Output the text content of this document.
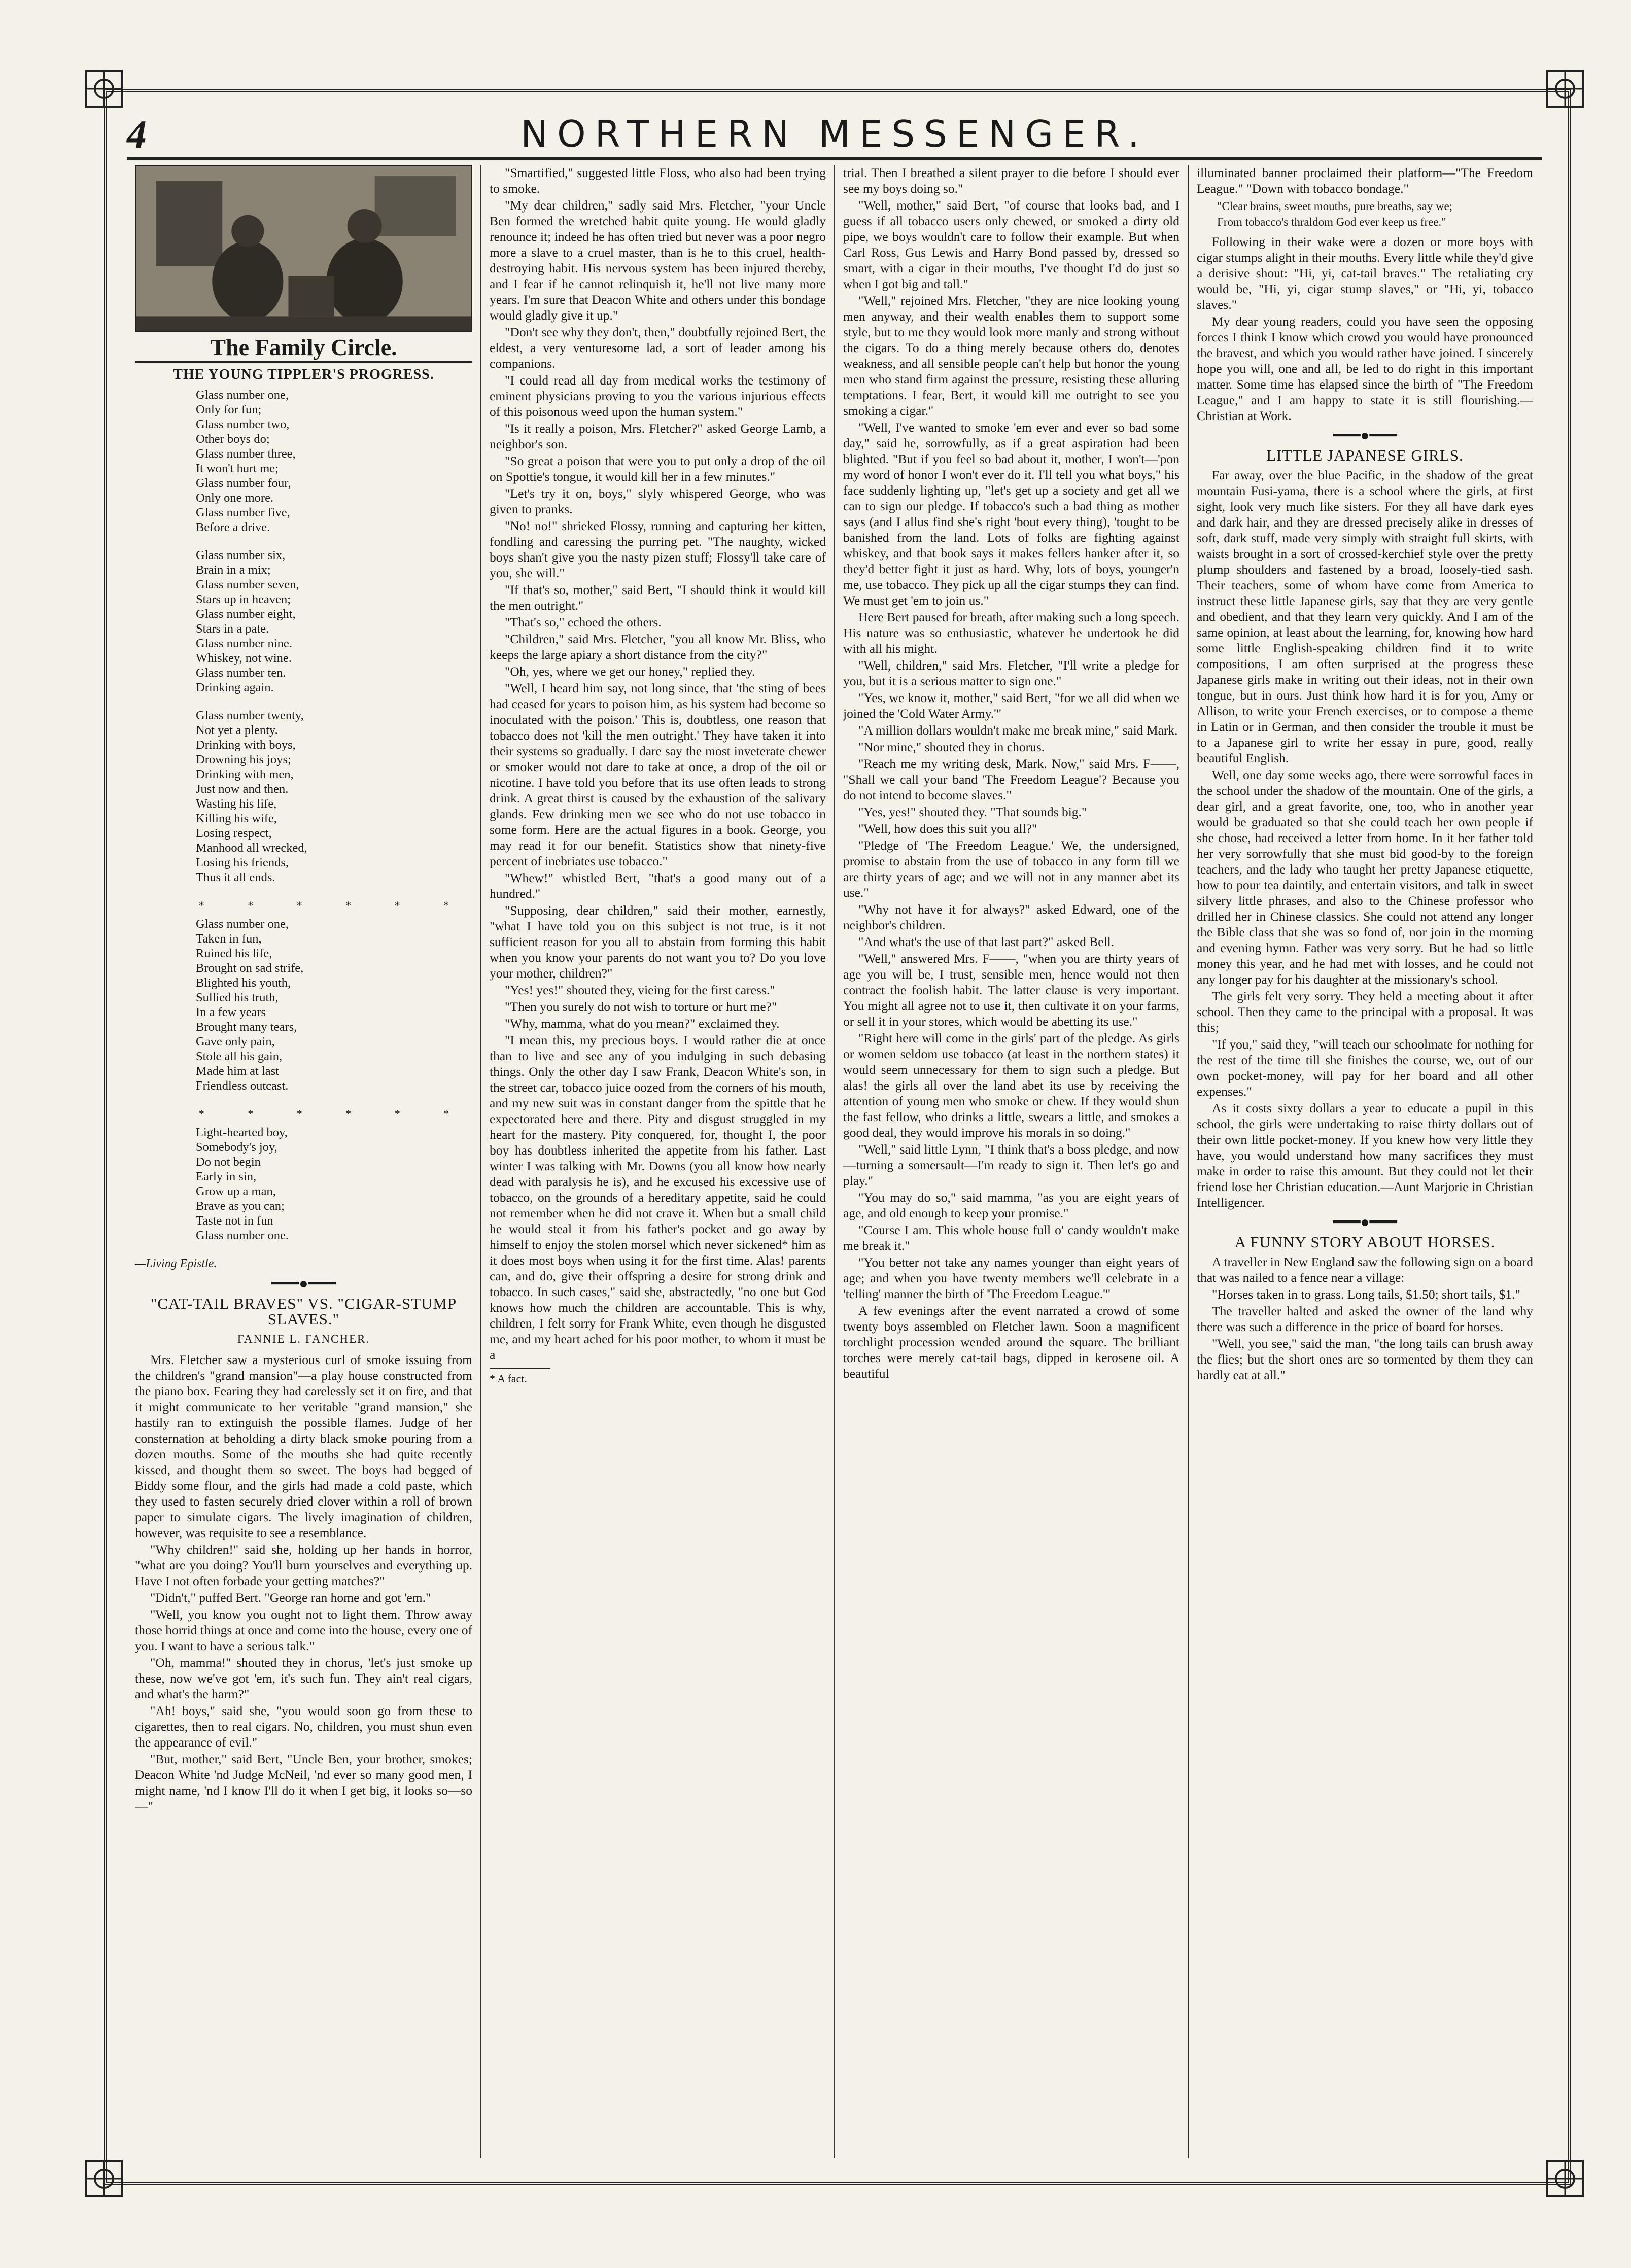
4	NORTHERN MESSENGER.
The Family Circle.
THE YOUNG TIPPLER'S PROGRESS.
Glass number one,
Only for fun;
Glass number two,
Other boys do;
Glass number three,
It won't hurt me;
Glass number four,
Only one more.
Glass number five,
Before a drive.
Glass number six,
Brain in a mix;
Glass number seven,
Stars up in heaven;
Glass number eight,
Stars in a pate.
Glass number nine.
Whiskey, not wine.
Glass number ten.
Drinking again.
Glass number twenty,
Not yet a plenty.
Drinking with boys,
Drowning his joys;
Drinking with men,
Just now and then.
Wasting his life,
Killing his wife,
Losing respect,
Manhood all wrecked,
Losing his friends,
Thus it all ends.
* * * * * *
Glass number one,
Taken in fun,
Ruined his life,
Brought on sad strife,
Blighted his youth,
Sullied his truth,
In a few years
Brought many tears,
Gave only pain,
Stole all his gain,
Made him at last
Friendless outcast.
* * * * * *
Light-hearted boy,
Somebody's joy,
Do not begin
Early in sin,
Grow up a man,
Brave as you can;
Taste not in fun
Glass number one.
—Living Epistle.
━━━●━━━
"CAT-TAIL BRAVES" VS. "CIGAR-STUMP SLAVES."
FANNIE L. FANCHER.

Mrs. Fletcher saw a mysterious curl of smoke issuing from the children's "grand mansion"—a play house constructed from the piano box. Fearing they had carelessly set it on fire, and that it might communicate to her veritable "grand mansion," she hastily ran to extinguish the possible flames. Judge of her consternation at beholding a dirty black smoke pouring from a dozen mouths. Some of the mouths she had quite recently kissed, and thought them so sweet. The boys had begged of Biddy some flour, and the girls had made a cold paste, which they used to fasten securely dried clover within a roll of brown paper to simulate cigars. The lively imagination of children, however, was requisite to see a resemblance.

"Why children!" said she, holding up her hands in horror, "what are you doing? You'll burn yourselves and everything up. Have I not often forbade your getting matches?"

"Didn't," puffed Bert. "George ran home and got 'em."

"Well, you know you ought not to light them. Throw away those horrid things at once and come into the house, every one of you. I want to have a serious talk."

"Oh, mamma!" shouted they in chorus, 'let's just smoke up these, now we've got 'em, it's such fun. They ain't real cigars, and what's the harm?"

"Ah! boys," said she, "you would soon go from these to cigarettes, then to real cigars. No, children, you must shun even the appearance of evil."

"But, mother," said Bert, "Uncle Ben, your brother, smokes; Deacon White 'nd Judge McNeil, 'nd ever so many good men, I might name, 'nd I know I'll do it when I get big, it looks so—so—"

"Smartified," suggested little Floss, who also had been trying to smoke.

"My dear children," sadly said Mrs. Fletcher, "your Uncle Ben formed the wretched habit quite young. He would gladly renounce it; indeed he has often tried but never was a poor negro more a slave to a cruel master, than is he to this cruel, health-destroying habit. His nervous system has been injured thereby, and I fear if he cannot relinquish it, he'll not live many more years. I'm sure that Deacon White and others under this bondage would gladly give it up."

"Don't see why they don't, then," doubtfully rejoined Bert, the eldest, a very venturesome lad, a sort of leader among his companions.

"I could read all day from medical works the testimony of eminent physicians proving to you the various injurious effects of this poisonous weed upon the human system."

"Is it really a poison, Mrs. Fletcher?" asked George Lamb, a neighbor's son.

"So great a poison that were you to put only a drop of the oil on Spottie's tongue, it would kill her in a few minutes."

"Let's try it on, boys," slyly whispered George, who was given to pranks.

"No! no!" shrieked Flossy, running and capturing her kitten, fondling and caressing the purring pet. "The naughty, wicked boys shan't give you the nasty pizen stuff; Flossy'll take care of you, she will."

"If that's so, mother," said Bert, "I should think it would kill the men outright."

"That's so," echoed the others.

"Children," said Mrs. Fletcher, "you all know Mr. Bliss, who keeps the large apiary a short distance from the city?"

"Oh, yes, where we get our honey," replied they.

"Well, I heard him say, not long since, that 'the sting of bees had ceased for years to poison him, as his system had become so inoculated with the poison.' This is, doubtless, one reason that tobacco does not 'kill the men outright.' They have taken it into their systems so gradually. I dare say the most inveterate chewer or smoker would not dare to take at once, a drop of the oil or nicotine. I have told you before that its use often leads to strong drink. A great thirst is caused by the exhaustion of the salivary glands. Few drinking men we see who do not use tobacco in some form. Here are the actual figures in a book. George, you may read it for our benefit. Statistics show that ninety-five percent of inebriates use tobacco."

"Whew!" whistled Bert, "that's a good many out of a hundred."

"Supposing, dear children," said their mother, earnestly, "what I have told you on this subject is not true, is it not sufficient reason for you all to abstain from forming this habit when you know your parents do not want you to? Do you love your mother, children?"

"Yes! yes!" shouted they, vieing for the first caress."

"Then you surely do not wish to torture or hurt me?"

"Why, mamma, what do you mean?" exclaimed they.

"I mean this, my precious boys. I would rather die at once than to live and see any of you indulging in such debasing things. Only the other day I saw Frank, Deacon White's son, in the street car, tobacco juice oozed from the corners of his mouth, and my new suit was in constant danger from the spittle that he expectorated here and there. Pity and disgust struggled in my heart for the mastery. Pity conquered, for, thought I, the poor boy has doubtless inherited the appetite from his father. Last winter I was talking with Mr. Downs (you all know how nearly dead with paralysis he is), and he excused his excessive use of tobacco, on the grounds of a hereditary appetite, said he could not remember when he did not crave it. When but a small child he would steal it from his father's pocket and go away by himself to enjoy the stolen morsel which never sickened* him as it does most boys when using it for the first time. Alas! parents can, and do, give their offspring a desire for strong drink and tobacco. In such cases," said she, abstractedly, "no one but God knows how much the children are accountable. This is why, children, I felt sorry for Frank White, even though he disgusted me, and my heart ached for his poor mother, to whom it must be a

* A fact.

trial. Then I breathed a silent prayer to die before I should ever see my boys doing so."

"Well, mother," said Bert, "of course that looks bad, and I guess if all tobacco users only chewed, or smoked a dirty old pipe, we boys wouldn't care to follow their example. But when Carl Ross, Gus Lewis and Harry Bond passed by, dressed so smart, with a cigar in their mouths, I've thought I'd do just so when I got big and tall."

"Well," rejoined Mrs. Fletcher, "they are nice looking young men anyway, and their wealth enables them to support some style, but to me they would look more manly and strong without the cigars. To do a thing merely because others do, denotes weakness, and all sensible people can't help but honor the young men who stand firm against the pressure, resisting these alluring temptations. I fear, Bert, it would kill me outright to see you smoking a cigar."

"Well, I've wanted to smoke 'em ever and ever so bad some day," said he, sorrowfully, as if a great aspiration had been blighted. "But if you feel so bad about it, mother, I won't—'pon my word of honor I won't ever do it. I'll tell you what boys," his face suddenly lighting up, "let's get up a society and get all we can to sign our pledge. If tobacco's such a bad thing as mother says (and I allus find she's right 'bout every thing), 'tought to be banished from the land. Lots of folks are fighting against whiskey, and that book says it makes fellers hanker after it, so they'd better fight it just as hard. Why, lots of boys, younger'n me, use tobacco. They pick up all the cigar stumps they can find. We must get 'em to join us."

Here Bert paused for breath, after making such a long speech. His nature was so enthusiastic, whatever he undertook he did with all his might.

"Well, children," said Mrs. Fletcher, "I'll write a pledge for you, but it is a serious matter to sign one."

"Yes, we know it, mother," said Bert, "for we all did when we joined the 'Cold Water Army.'"

"A million dollars wouldn't make me break mine," said Mark.

"Nor mine," shouted they in chorus.

"Reach me my writing desk, Mark. Now," said Mrs. F——, "Shall we call your band 'The Freedom League'? Because you do not intend to become slaves."

"Yes, yes!" shouted they. "That sounds big."

"Well, how does this suit you all?"

"Pledge of 'The Freedom League.' We, the undersigned, promise to abstain from the use of tobacco in any form till we are thirty years of age; and we will not in any manner abet its use."

"Why not have it for always?" asked Edward, one of the neighbor's children.

"And what's the use of that last part?" asked Bell.

"Well," answered Mrs. F——, "when you are thirty years of age you will be, I trust, sensible men, hence would not then contract the foolish habit. The latter clause is very important. You might all agree not to use it, then cultivate it on your farms, or sell it in your stores, which would be abetting its use."

"Right here will come in the girls' part of the pledge. As girls or women seldom use tobacco (at least in the northern states) it would seem unnecessary for them to sign such a pledge. But alas! the girls all over the land abet its use by receiving the attention of young men who smoke or chew. If they would shun the fast fellow, who drinks a little, swears a little, and smokes a good deal, they would improve his morals in so doing."

"Well," said little Lynn, "I think that's a boss pledge, and now—turning a somersault—I'm ready to sign it. Then let's go and play."

"You may do so," said mamma, "as you are eight years of age, and old enough to keep your promise."

"Course I am. This whole house full o' candy wouldn't make me break it."

"You better not take any names younger than eight years of age; and when you have twenty members we'll celebrate in a 'telling' manner the birth of 'The Freedom League.'"

A few evenings after the event narrated a crowd of some twenty boys assembled on Fletcher lawn. Soon a magnificent torchlight procession wended around the square. The brilliant torches were merely cat-tail bags, dipped in kerosene oil. A beautiful

illuminated banner proclaimed their platform—"The Freedom League." "Down with tobacco bondage."

"Clear brains, sweet mouths, pure breaths, say we;
From tobacco's thraldom God ever keep us free."

Following in their wake were a dozen or more boys with cigar stumps alight in their mouths. Every little while they'd give a derisive shout: "Hi, yi, cat-tail braves." The retaliating cry would be, "Hi, yi, cigar stump slaves," or "Hi, yi, tobacco slaves."

My dear young readers, could you have seen the opposing forces I think I know which crowd you would have pronounced the bravest, and which you would rather have joined. I sincerely hope you will, one and all, be led to do right in this important matter. Some time has elapsed since the birth of "The Freedom League," and I am happy to state it is still flourishing.—Christian at Work.

━━━●━━━
LITTLE JAPANESE GIRLS.

Far away, over the blue Pacific, in the shadow of the great mountain Fusi-yama, there is a school where the girls, at first sight, look very much like sisters. For they all have dark eyes and dark hair, and they are dressed precisely alike in dresses of soft, dark stuff, made very simply with straight full skirts, with waists brought in a sort of crossed-kerchief style over the pretty plump shoulders and fastened by a broad, loosely-tied sash. Their teachers, some of whom have come from America to instruct these little Japanese girls, say that they are very gentle and obedient, and that they learn very quickly. And I am of the same opinion, at least about the learning, for, knowing how hard some little English-speaking children find it to write compositions, I am often surprised at the progress these Japanese girls make in writing out their ideas, not in their own tongue, but in ours. Just think how hard it is for you, Amy or Allison, to write your French exercises, or to compose a theme in Latin or in German, and then consider the trouble it must be to a Japanese girl to write her essay in pure, good, really beautiful English.

Well, one day some weeks ago, there were sorrowful faces in the school under the shadow of the mountain. One of the girls, a dear girl, and a great favorite, one, too, who in another year would be graduated so that she could teach her own people if she chose, had received a letter from home. In it her father told her very sorrowfully that she must bid good-by to the foreign teachers, and the lady who taught her pretty Japanese etiquette, how to pour tea daintily, and entertain visitors, and talk in sweet silvery little phrases, and also to the Chinese professor who drilled her in Chinese classics. She could not attend any longer the Bible class that she was so fond of, nor join in the morning and evening hymn. Father was very sorry. But he had so little money this year, and he had met with losses, and he could not any longer pay for his daughter at the missionary's school.

The girls felt very sorry. They held a meeting about it after school. Then they came to the principal with a proposal. It was this;

"If you," said they, "will teach our schoolmate for nothing for the rest of the time till she finishes the course, we, out of our own pocket-money, will pay for her board and all other expenses."

As it costs sixty dollars a year to educate a pupil in this school, the girls were undertaking to raise thirty dollars out of their own little pocket-money. If you knew how very little they have, you would understand how many sacrifices they must make in order to raise this amount. But they could not let their friend lose her Christian education.—Aunt Marjorie in Christian Intelligencer.

━━━●━━━
A FUNNY STORY ABOUT HORSES.

A traveller in New England saw the following sign on a board that was nailed to a fence near a village:

"Horses taken in to grass. Long tails, $1.50; short tails, $1."

The traveller halted and asked the owner of the land why there was such a difference in the price of board for horses.

"Well, you see," said the man, "the long tails can brush away the flies; but the short ones are so tormented by them they can hardly eat at all."
